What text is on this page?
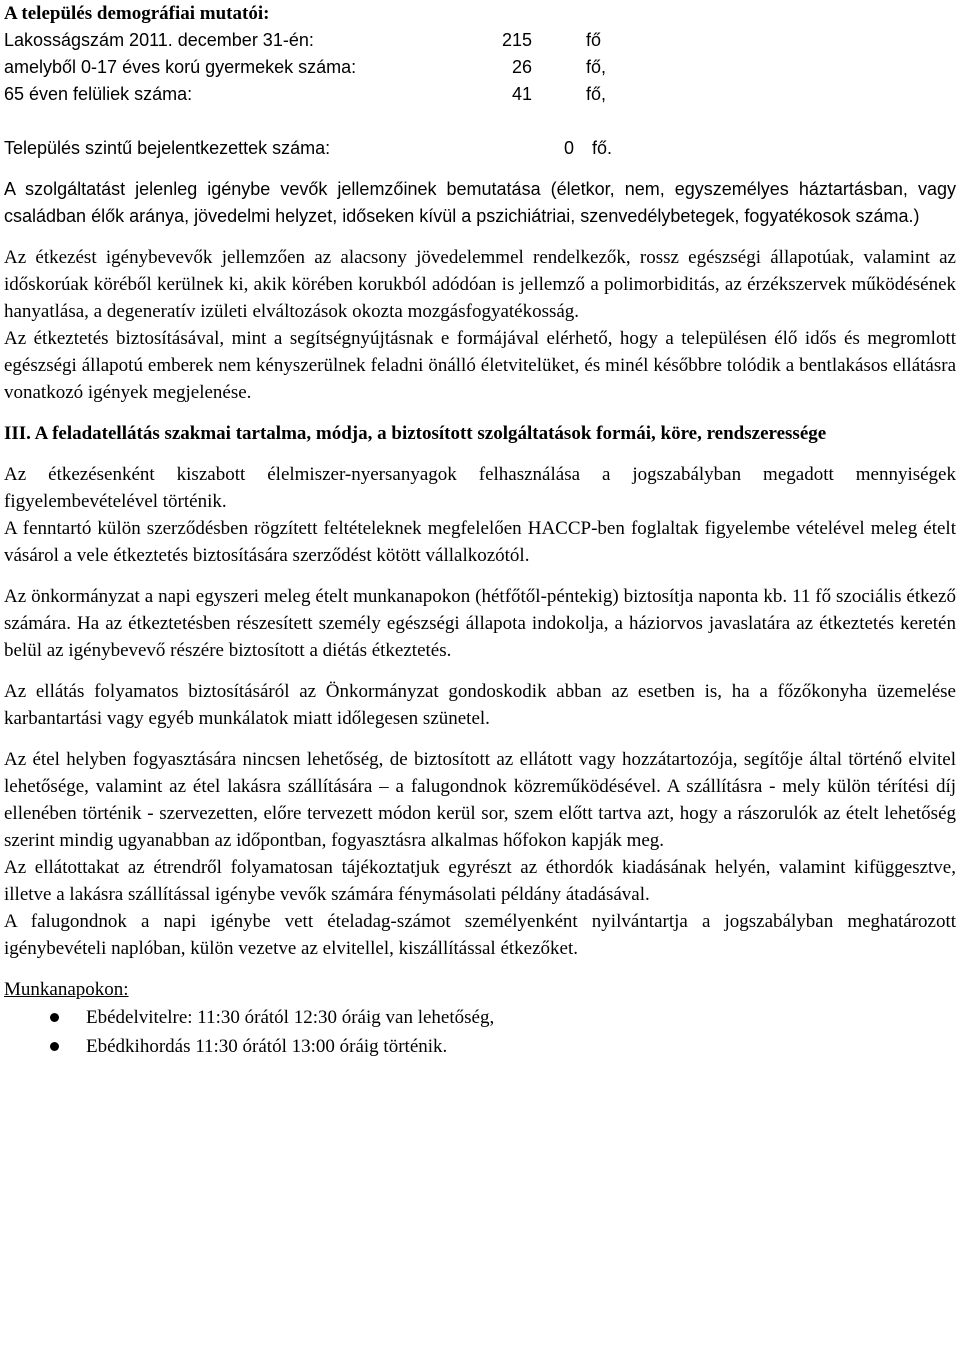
A település demográfiai mutatói:

Lakosságszám 2011. december 31-én:	215	fő
amelyből 0-17 éves korú gyermekek száma:	26	fő,
65 éven felüliek száma:	41	fő,
Település szintű bejelentkezettek száma:	0 fő.

A szolgáltatást jelenleg igénybe vevők jellemzőinek bemutatása (életkor, nem, egyszemélyes háztartásban, vagy családban élők aránya, jövedelmi helyzet, időseken kívül a pszichiátriai, szenvedélybetegek, fogyatékosok száma.)

Az étkezést igénybevevők jellemzően az alacsony jövedelemmel rendelkezők, rossz egészségi állapotúak, valamint az időskorúak köréből kerülnek ki, akik körében korukból adódóan is jellemző a polimorbiditás, az érzékszervek működésének hanyatlása, a degeneratív izületi elváltozások okozta mozgásfogyatékosság.

Az étkeztetés biztosításával, mint a segítségnyújtásnak e formájával elérhető, hogy a településen élő idős és megromlott egészségi állapotú emberek nem kényszerülnek feladni önálló életvitelüket, és minél későbbre tolódik a bentlakásos ellátásra vonatkozó igények megjelenése.

III. A feladatellátás szakmai tartalma, módja, a biztosított szolgáltatások formái, köre, rendszeressége

Az étkezésenként kiszabott élelmiszer-nyersanyagok felhasználása a jogszabályban megadott mennyiségek figyelembevételével történik.

A fenntartó külön szerződésben rögzített feltételeknek megfelelően HACCP-ben foglaltak figyelembe vételével meleg ételt vásárol a vele étkeztetés biztosítására szerződést kötött vállalkozótól.

Az önkormányzat a napi egyszeri meleg ételt munkanapokon (hétfőtől-péntekig) biztosítja naponta kb. 11 fő szociális étkező számára. Ha az étkeztetésben részesített személy egészségi állapota indokolja, a háziorvos javaslatára az étkeztetés keretén belül az igénybevevő részére biztosított a diétás étkeztetés.

Az ellátás folyamatos biztosításáról az Önkormányzat gondoskodik abban az esetben is, ha a főzőkonyha üzemelése karbantartási vagy egyéb munkálatok miatt időlegesen szünetel.

Az étel helyben fogyasztására nincsen lehetőség, de biztosított az ellátott vagy hozzátartozója, segítője által történő elvitel lehetősége, valamint az étel lakásra szállítására – a falugondnok közreműködésével. A szállításra - mely külön térítési díj ellenében történik - szervezetten, előre tervezett módon kerül sor, szem előtt tartva azt, hogy a rászorulók az ételt lehetőség szerint mindig ugyanabban az időpontban, fogyasztásra alkalmas hőfokon kapják meg.

Az ellátottakat az étrendről folyamatosan tájékoztatjuk egyrészt az éthordók kiadásának helyén, valamint kifüggesztve, illetve a lakásra szállítással igénybe vevők számára fénymásolati példány átadásával.

A falugondnok a napi igénybe vett ételadag-számot személyenként nyilvántartja a jogszabályban meghatározott igénybevételi naplóban, külön vezetve az elvitellel, kiszállítással étkezőket.

Munkanapokon:

Ebédelvitelre: 11:30 órától 12:30 óráig van lehetőség,
Ebédkihordás 11:30 órától 13:00 óráig történik.
